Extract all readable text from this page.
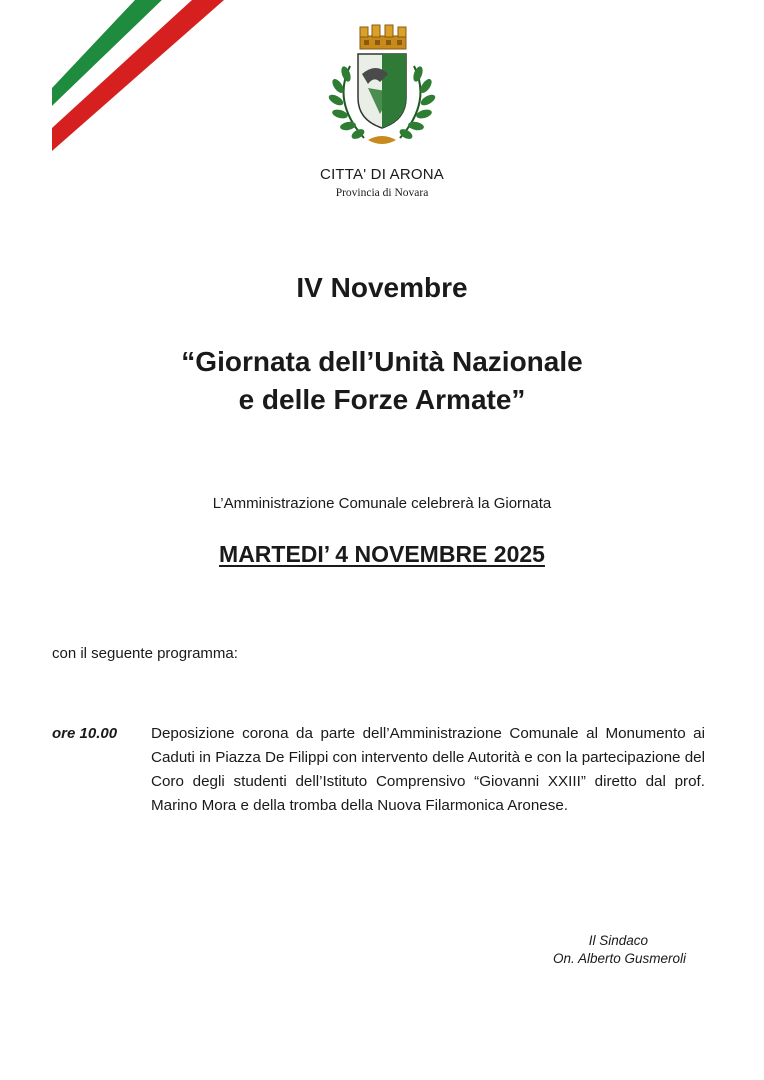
CITTA' DI ARONA
Provincia di Novara
IV Novembre
“Giornata dell’Unità Nazionale
e delle Forze Armate”
L’Amministrazione Comunale celebrerà la Giornata
MARTEDI’ 4 NOVEMBRE 2025
con il seguente programma:
ore 10.00 Deposizione corona da parte dell’Amministrazione Comunale al Monumento ai Caduti in Piazza De Filippi con intervento delle Autorità e con la partecipazione del Coro degli studenti dell’Istituto Comprensivo “Giovanni XXIII” diretto dal prof. Marino Mora e della tromba della Nuova Filarmonica Aronese.
Il Sindaco
On. Alberto Gusmeroli
